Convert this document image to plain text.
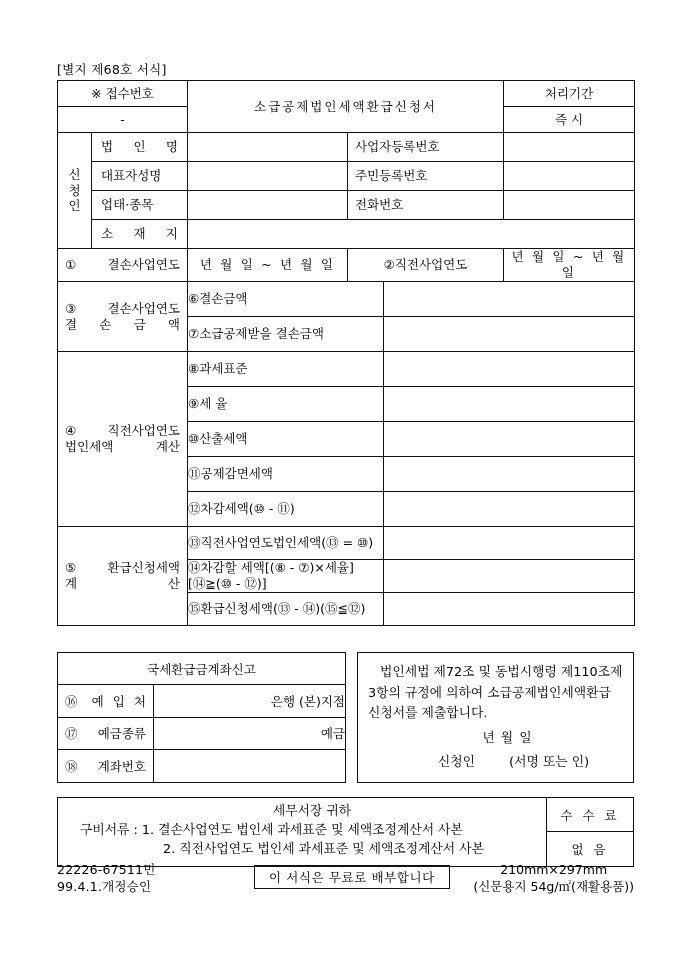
[별지 제68호 서식]
※ 접수번호		소급공제법인세액환급신청서			처리기간
-					즉 시

신
청
인	법 인 명		사업자등록번호		

	대표자성명		주민등록번호		

	업태·종목		전화번호		

	소 재 지				

①결손사업연도		년 월 일 ~ 년 월 일	②직전사업연도		년 월 일 ~ 년 월 일

③결손사업연도
결 손 금 액		⑥결손금액			
		⑦소급공제받을 결손금액			

④직전사업연도
법인세액 계산		⑧과세표준			
		⑨세 율			
		⑩산출세액			
		⑪공제감면세액			
		⑫차감세액(⑩ - ⑪)			

⑤환급신청세액
계 산		⑬직전사업연도법인세액(⑬ = ⑩)			
		⑭차감할 세액[(⑧ - ⑦)×세율][⑭≧(⑩ - ⑫)]			
		⑮환급신청세액(⑬ - ⑭)(⑮≦⑫)			
국세환급금계좌신고	

⑯ 예 입 처	은행 (본)지점

⑰ 예금종류	예금

⑱ 계좌번호	

법인세법 제72조 및 동법시행령 제110조제3항의 규정에 의하여 소급공제법인세액환급신청서를 제출합니다.

년 월 일
신청인	(서명 또는 인)
세무서장 귀하
구비서류 : 1. 결손사업연도 법인세 과세표준 및 세액조정계산서 사본
2. 직전사업연도 법인세 과세표준 및 세액조정계산서 사본
수 수 료
없 음
22226-67511민
99.4.1.개정승인
이 서식은 무료로 배부합니다
210mm×297mm
(신문용지 54g/㎡(재활용품))
